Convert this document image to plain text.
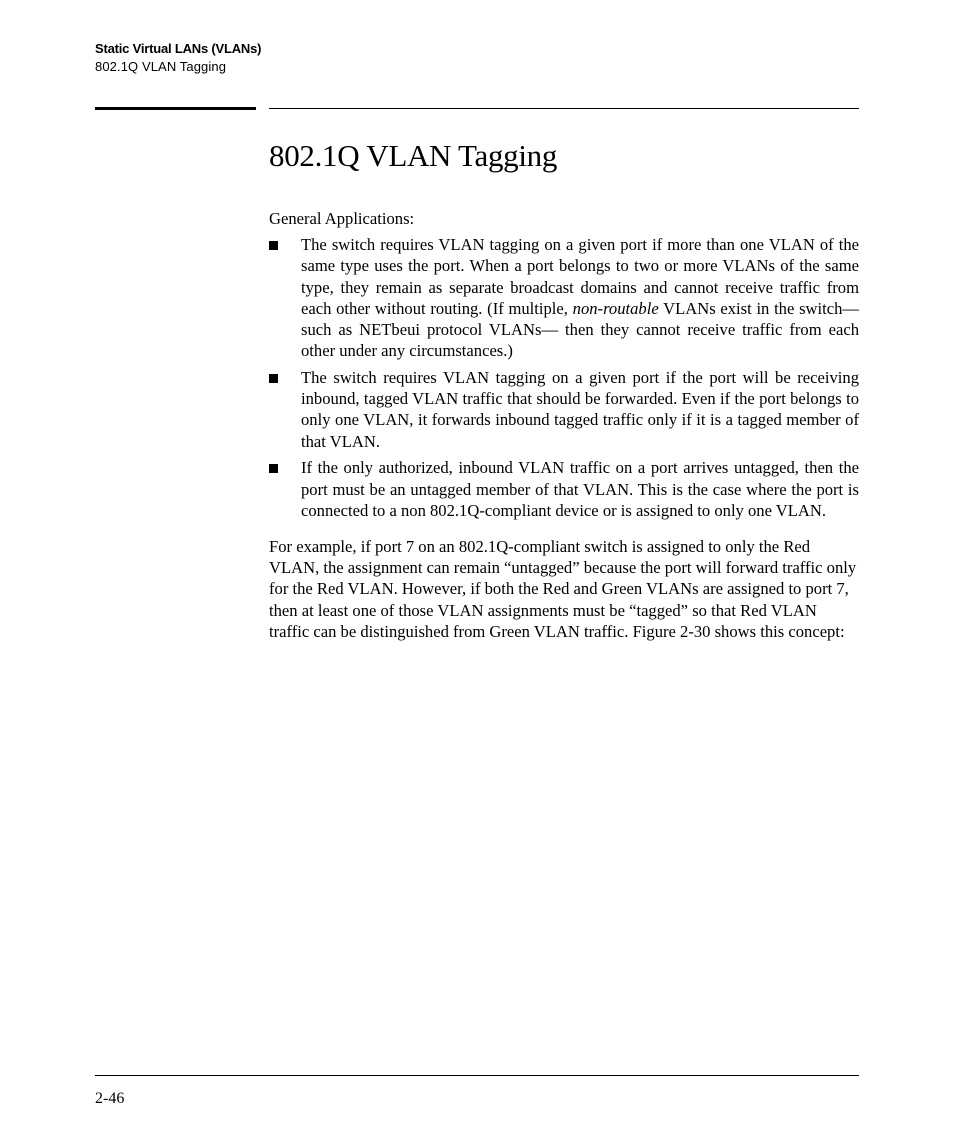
Static Virtual LANs (VLANs)
802.1Q VLAN Tagging
802.1Q VLAN Tagging

General Applications:

The switch requires VLAN tagging on a given port if more than one VLAN of the same type uses the port. When a port belongs to two or more VLANs of the same type, they remain as separate broadcast domains and cannot receive traffic from each other without routing. (If multiple, non-routable VLANs exist in the switch—such as NETbeui protocol VLANs— then they cannot receive traffic from each other under any circumstances.)
The switch requires VLAN tagging on a given port if the port will be receiving inbound, tagged VLAN traffic that should be forwarded. Even if the port belongs to only one VLAN, it forwards inbound tagged traffic only if it is a tagged member of that VLAN.
If the only authorized, inbound VLAN traffic on a port arrives untagged, then the port must be an untagged member of that VLAN. This is the case where the port is connected to a non 802.1Q-compliant device or is assigned to only one VLAN.

For example, if port 7 on an 802.1Q-compliant switch is assigned to only the Red VLAN, the assignment can remain “untagged” because the port will forward traffic only for the Red VLAN. However, if both the Red and Green VLANs are assigned to port 7, then at least one of those VLAN assignments must be “tagged” so that Red VLAN traffic can be distinguished from Green VLAN traffic. Figure 2-30 shows this concept:

2-46
